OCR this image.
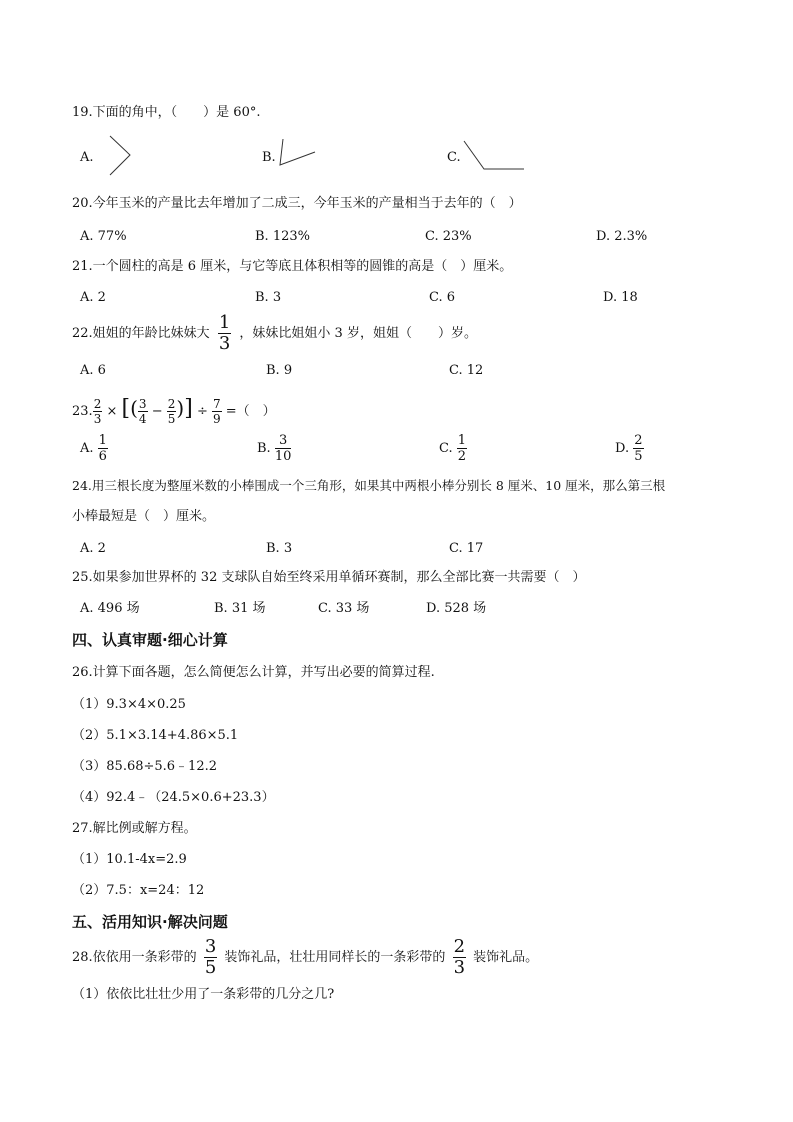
19.下面的角中，（　　）是 60°.
A.	B.	C.
20.今年玉米的产量比去年增加了二成三，今年玉米的产量相当于去年的（　）
A. 77%	B. 123%	C. 23%	D. 2.3%
21.一个圆柱的高是 6 厘米，与它等底且体积相等的圆锥的高是（　）厘米。
A. 2	B. 3	C. 6	D. 18
22.姐姐的年龄比妹妹大 $\frac{1}{3}$ ，妹妹比姐姐小 3 岁，姐姐（　　）岁。
A. 6	B. 9	C. 12
23. $\frac{2}{3}$ × [( $\frac{3}{4} - \frac{2}{5}$ )] ÷ $\frac{7}{9}$ =（　）
A. $\frac{1}{6}$	B. $\frac{3}{10}$	C. $\frac{1}{2}$	D. $\frac{2}{5}$
24.用三根长度为整厘米数的小棒围成一个三角形，如果其中两根小棒分别长 8 厘米、10 厘米，那么第三根
小棒最短是（　）厘米。
A. 2	B. 3	C. 17
25.如果参加世界杯的 32 支球队自始至终采用单循环赛制，那么全部比赛一共需要（　）
A. 496 场	B. 31 场	C. 33 场	D. 528 场
四、认真审题·细心计算
26.计算下面各题，怎么简便怎么计算，并写出必要的简算过程.
（1）9.3×4×0.25
（2）5.1×3.14+4.86×5.1
（3）85.68÷5.6﹣12.2
（4）92.4﹣（24.5×0.6+23.3）
27.解比例或解方程。
（1）10.1-4x=2.9
（2）7.5：x=24：12
五、活用知识·解决问题
28.依依用一条彩带的 $\frac{3}{5}$ 装饰礼品，壮壮用同样长的一条彩带的 $\frac{2}{3}$ 装饰礼品。
（1）依依比壮壮少用了一条彩带的几分之几?
